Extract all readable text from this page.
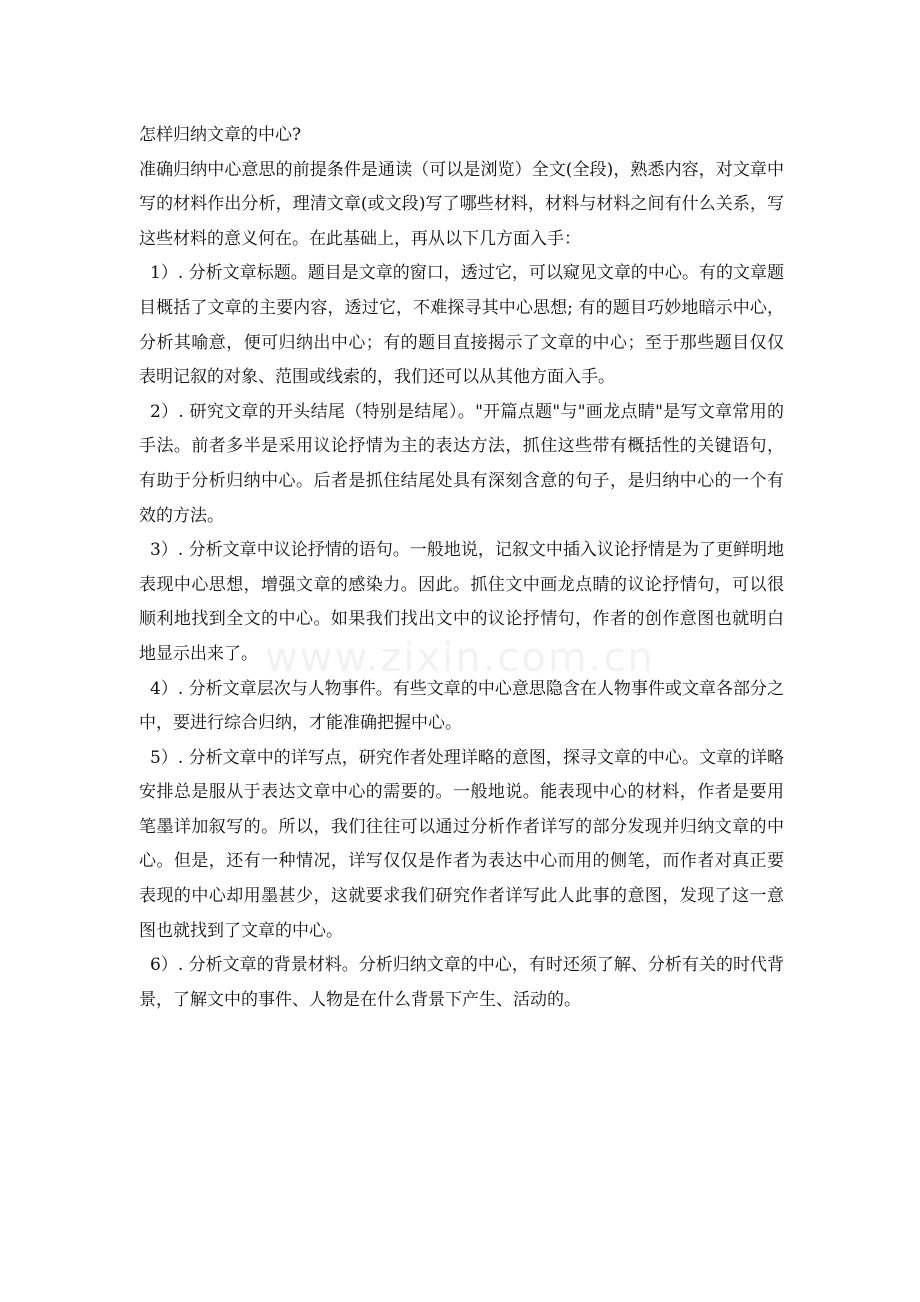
www.zixin.com.cn

怎样归纳文章的中心?

准确归纳中心意思的前提条件是通读（可以是浏览）全文(全段)，熟悉内容，对文章中写的材料作出分析，理清文章(或文段)写了哪些材料，材料与材料之间有什么关系，写这些材料的意义何在。在此基础上，再从以下几方面入手：

1）. 分析文章标题。题目是文章的窗口，透过它，可以窥见文章的中心。有的文章题目概括了文章的主要内容，透过它，不难探寻其中心思想; 有的题目巧妙地暗示中心，分析其喻意，便可归纳出中心；有的题目直接揭示了文章的中心；至于那些题目仅仅表明记叙的对象、范围或线索的，我们还可以从其他方面入手。

2）. 研究文章的开头结尾（特别是结尾）。"开篇点题"与"画龙点睛"是写文章常用的手法。前者多半是采用议论抒情为主的表达方法，抓住这些带有概括性的关键语句，有助于分析归纳中心。后者是抓住结尾处具有深刻含意的句子，是归纳中心的一个有效的方法。

3）. 分析文章中议论抒情的语句。一般地说，记叙文中插入议论抒情是为了更鲜明地表现中心思想，增强文章的感染力。因此。抓住文中画龙点睛的议论抒情句，可以很顺利地找到全文的中心。如果我们找出文中的议论抒情句，作者的创作意图也就明白地显示出来了。

4）. 分析文章层次与人物事件。有些文章的中心意思隐含在人物事件或文章各部分之中，要进行综合归纳，才能准确把握中心。

5）. 分析文章中的详写点，研究作者处理详略的意图，探寻文章的中心。文章的详略安排总是服从于表达文章中心的需要的。一般地说。能表现中心的材料，作者是要用笔墨详加叙写的。所以，我们往往可以通过分析作者详写的部分发现并归纳文章的中心。但是，还有一种情况，详写仅仅是作者为表达中心而用的侧笔，而作者对真正要表现的中心却用墨甚少，这就要求我们研究作者详写此人此事的意图，发现了这一意图也就找到了文章的中心。

6）. 分析文章的背景材料。分析归纳文章的中心，有时还须了解、分析有关的时代背景，了解文中的事件、人物是在什么背景下产生、活动的。
